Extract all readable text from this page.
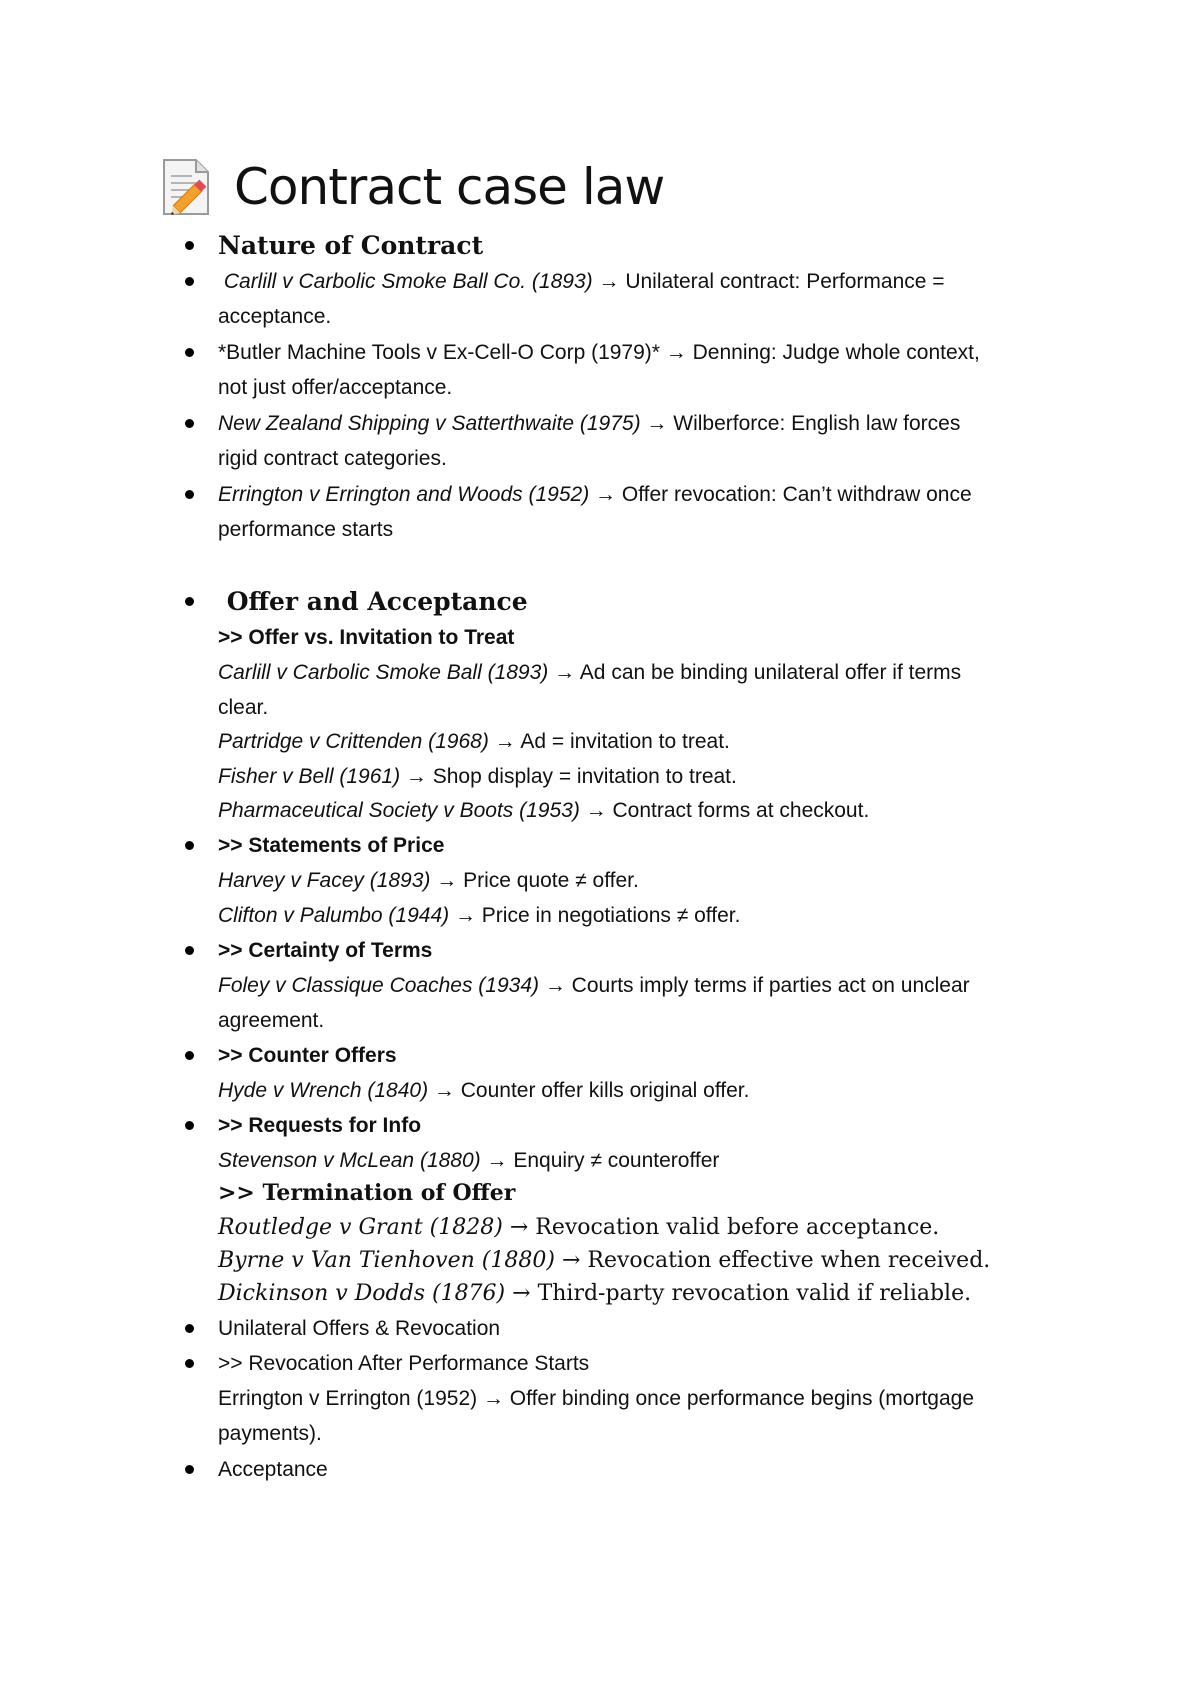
Contract case law
Nature of Contract
Carlill v Carbolic Smoke Ball Co. (1893) → Unilateral contract: Performance =
acceptance.
*Butler Machine Tools v Ex-Cell-O Corp (1979)* → Denning: Judge whole context,
not just offer/acceptance.
New Zealand Shipping v Satterthwaite (1975) → Wilberforce: English law forces
rigid contract categories.
Errington v Errington and Woods (1952) → Offer revocation: Can’t withdraw once
performance starts
Offer and Acceptance
>> Offer vs. Invitation to Treat
Carlill v Carbolic Smoke Ball (1893) → Ad can be binding unilateral offer if terms
clear.
Partridge v Crittenden (1968) → Ad = invitation to treat.
Fisher v Bell (1961) → Shop display = invitation to treat.
Pharmaceutical Society v Boots (1953) → Contract forms at checkout.
>> Statements of Price
Harvey v Facey (1893) → Price quote ≠ offer.
Clifton v Palumbo (1944) → Price in negotiations ≠ offer.
>> Certainty of Terms
Foley v Classique Coaches (1934) → Courts imply terms if parties act on unclear
agreement.
>> Counter Offers
Hyde v Wrench (1840) → Counter offer kills original offer.
>> Requests for Info
Stevenson v McLean (1880) → Enquiry ≠ counteroffer
>> Termination of Offer
Routledge v Grant (1828) → Revocation valid before acceptance.
Byrne v Van Tienhoven (1880) → Revocation effective when received.
Dickinson v Dodds (1876) → Third-party revocation valid if reliable.
Unilateral Offers & Revocation
>> Revocation After Performance Starts
Errington v Errington (1952) → Offer binding once performance begins (mortgage
payments).
Acceptance
